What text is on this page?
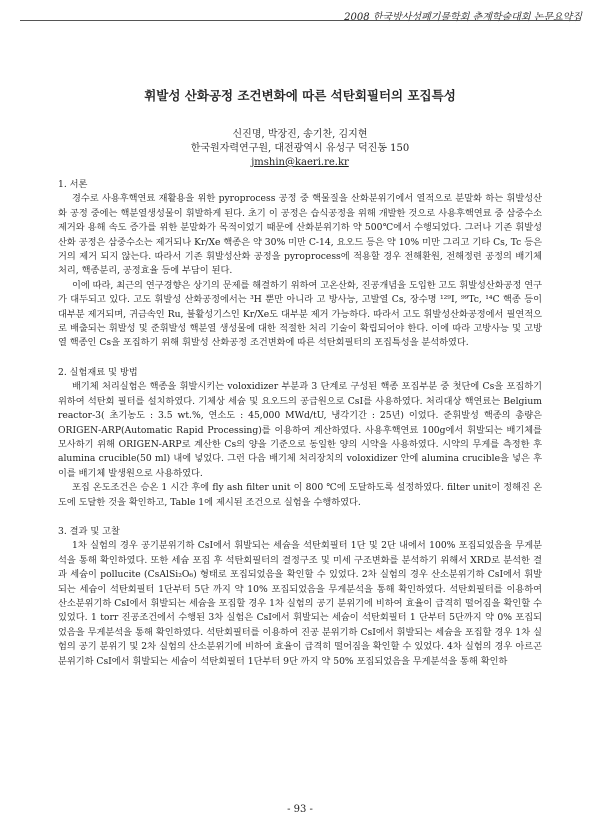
2008 한국방사성폐기물학회 춘계학술대회 논문요약집
휘발성 산화공정 조건변화에 따른 석탄회필터의 포집특성
신진명, 박장진, 송기찬, 김지현
한국원자력연구원, 대전광역시 유성구 덕진동 150
jmshin@kaeri.re.kr

1. 서론

경수로 사용후핵연료 재활용을 위한 pyroprocess 공정 중 핵물질을 산화분위기에서 열적으로 분말화 하는 휘발성산화 공정 중에는 핵분열생성물이 휘발하게 된다. 초기 이 공정은 습식공정을 위해 개발한 것으로 사용후핵연료 중 삼중수소 제거와 용해 속도 증가를 위한 분말화가 목적이었기 때문에 산화분위기하 약 500℃에서 수행되었다. 그러나 기존 휘발성산화 공정은 삼중수소는 제거되나 Kr/Xe 핵종은 약 30% 미만 C-14, 요오드 등은 약 10% 미만 그리고 기타 Cs, Tc 등은 거의 제거 되지 않는다. 따라서 기존 휘발성산화 공정을 pyroprocess에 적용할 경우 전해환원, 전해정련 공정의 배기체처리, 핵종분리, 공정효율 등에 부담이 된다.

이에 따라, 최근의 연구경향은 상기의 문제를 해결하기 위하여 고온산화, 진공개념을 도입한 고도 휘발성산화공정 연구가 대두되고 있다. 고도 휘발성 산화공정에서는 ³H 뿐만 아니라 고 방사능, 고발열 Cs, 장수명 ¹²⁹I, ⁹⁹Tc, ¹⁴C 핵종 등이 대부분 제거되며, 귀금속인 Ru, 불활성기스인 Kr/Xe도 대부분 제거 가능하다. 따라서 고도 휘발성산화공정에서 필연적으로 배출되는 휘발성 및 준휘발성 핵분열 생성물에 대한 적절한 처리 기술이 확립되어야 한다. 이에 따라 고방사능 및 고방열 핵종인 Cs을 포집하기 위해 휘발성 산화공정 조건변화에 따른 석탄회필터의 포집특성을 분석하였다.

2. 실험재료 및 방법

배기체 처리실험은 핵종을 휘발시키는 voloxidizer 부분과 3 단계로 구성된 핵종 포집부분 중 첫단에 Cs을 포집하기위하여 석탄회 필터를 설치하였다. 기체상 세슘 및 요오드의 공급원으로 CsI를 사용하였다. 처리대상 핵연료는 Belgium reactor-3( 초기농도 : 3.5 wt.%, 연소도 : 45,000 MWd/tU, 냉각기간 : 25년) 이었다. 준휘발성 핵종의 총량은 ORIGEN-ARP(Automatic Rapid Processing)를 이용하여 계산하였다. 사용후핵연료 100g에서 휘발되는 배기체를 모사하기 위해 ORIGEN-ARP로 계산한 Cs의 양을 기준으로 동일한 양의 시약을 사용하였다. 시약의 무게를 측정한 후 alumina crucible(50 ml) 내에 넣었다. 그런 다음 배기체 처리장치의 voloxidizer 안에 alumina crucible을 넣은 후 이를 배기체 발생원으로 사용하였다.

포집 온도조건은 승온 1 시간 후에 fly ash filter unit 이 800 ℃에 도달하도록 설정하였다. filter unit이 정해진 온도에 도달한 것을 확인하고, Table 1에 제시된 조건으로 실험을 수행하였다.

3. 결과 및 고찰

1차 실험의 경우 공기분위기하 CsI에서 휘발되는 세슘을 석탄회필터 1단 및 2단 내에서 100% 포집되었음을 무게분석을 통해 확인하였다. 또한 세슘 포집 후 석탄회필터의 결정구조 및 미세 구조변화를 분석하기 위해서 XRD로 분석한 결과 세슘이 pollucite (CsAlSi₂O₆) 형태로 포집되었음을 확인할 수 있었다. 2차 실험의 경우 산소분위기하 CsI에서 휘발되는 세슘이 석탄회필터 1단부터 5단 까지 약 10% 포집되었음을 무게분석을 통해 확인하였다. 석탄회필터를 이용하여 산소분위기하 CsI에서 휘발되는 세슘을 포집할 경우 1차 실험의 공기 분위기에 비하여 효율이 급격히 떨어짐을 확인할 수 있었다. 1 torr 진공조건에서 수행된 3차 실험은 CsI에서 휘발되는 세슘이 석탄회필터 1 단부터 5단까지 약 0% 포집되었음을 무게분석을 통해 확인하였다. 석탄회필터를 이용하여 진공 분위기하 CsI에서 휘발되는 세슘을 포집할 경우 1차 실험의 공기 분위기 및 2차 실험의 산소분위기에 비하여 효율이 급격히 떨어짐을 확인할 수 있었다. 4차 실험의 경우 아르곤 분위기하 CsI에서 휘발되는 세슘이 석탄회필터 1단부터 9단 까지 약 50% 포집되었음을 무게분석을 통해 확인하

- 93 -
